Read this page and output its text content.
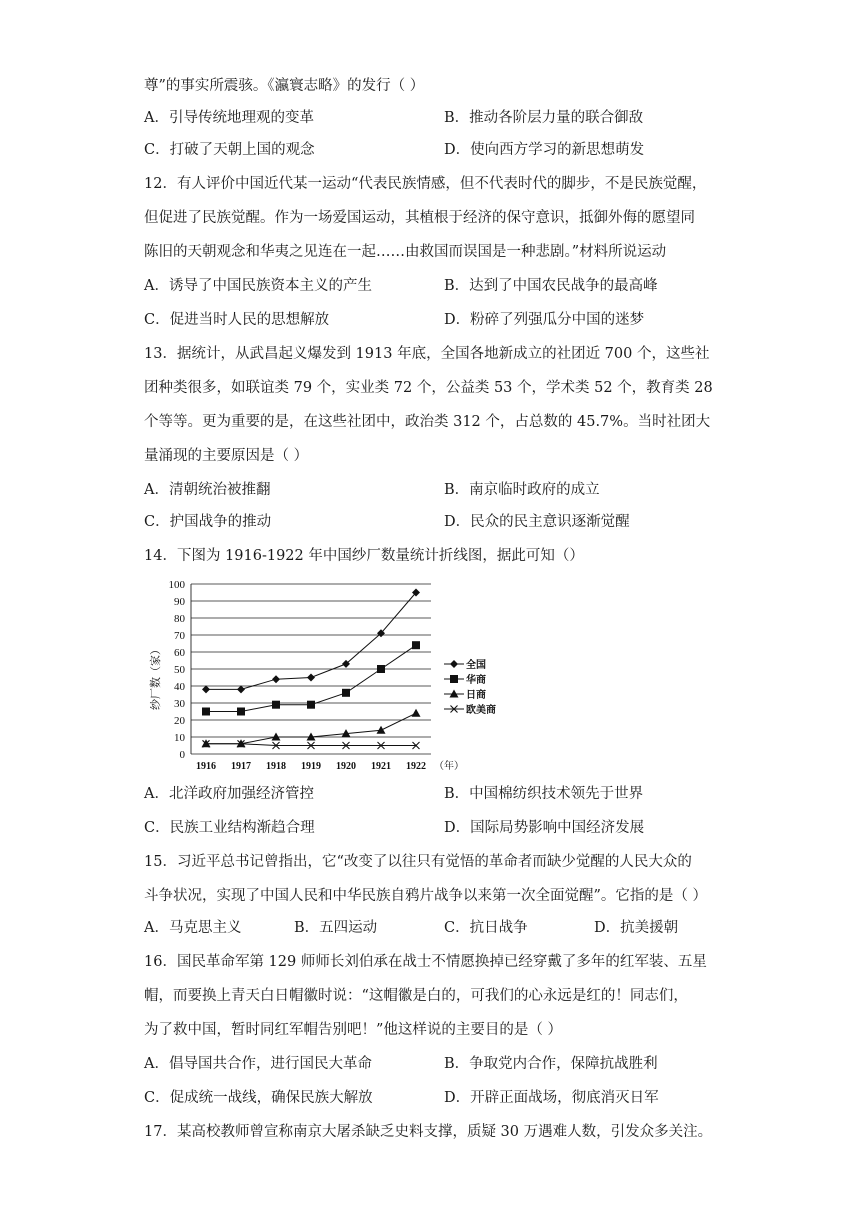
尊”的事实所震骇。《瀛寰志略》的发行（ ）
A．引导传统地理观的变革	B．推动各阶层力量的联合御敌
C．打破了天朝上国的观念	D．使向西方学习的新思想萌发
12．有人评价中国近代某一运动“代表民族情感，但不代表时代的脚步，不是民族觉醒，
但促进了民族觉醒。作为一场爱国运动，其植根于经济的保守意识，抵御外侮的愿望同
陈旧的天朝观念和华夷之见连在一起……由救国而误国是一种悲剧。”材料所说运动
A．诱导了中国民族资本主义的产生	B．达到了中国农民战争的最高峰
C．促进当时人民的思想解放	D．粉碎了列强瓜分中国的迷梦
13．据统计，从武昌起义爆发到 1913 年底，全国各地新成立的社团近 700 个，这些社
团种类很多，如联谊类 79 个，实业类 72 个，公益类 53 个，学术类 52 个，教育类 28
个等等。更为重要的是，在这些社团中，政治类 312 个，占总数的 45.7%。当时社团大
量涌现的主要原因是（ ）
A．清朝统治被推翻	B．南京临时政府的成立
C．护国战争的推动	D．民众的民主意识逐渐觉醒
14．下图为 1916-1922 年中国纱厂数量统计折线图，据此可知（）
0
10
20
30
40
50
60
70
80
90
100
1916 1917 1918 1919 1920 1921 1922 （年）
全国
华商
日商
欧美商
纱厂数（家）
A．北洋政府加强经济管控	B．中国棉纺织技术领先于世界
C．民族工业结构渐趋合理	D．国际局势影响中国经济发展
15．习近平总书记曾指出，它“改变了以往只有觉悟的革命者而缺少觉醒的人民大众的
斗争状况，实现了中国人民和中华民族自鸦片战争以来第一次全面觉醒”。它指的是（ ）
A．马克思主义	B．五四运动	C．抗日战争	D．抗美援朝
16．国民革命军第 129 师师长刘伯承在战士不情愿换掉已经穿戴了多年的红军装、五星
帽，而要换上青天白日帽徽时说：“这帽徽是白的，可我们的心永远是红的！同志们，
为了救中国，暂时同红军帽告别吧！”他这样说的主要目的是（ ）
A．倡导国共合作，进行国民大革命	B．争取党内合作，保障抗战胜利
C．促成统一战线，确保民族大解放	D．开辟正面战场，彻底消灭日军
17．某高校教师曾宣称南京大屠杀缺乏史料支撑，质疑 30 万遇难人数，引发众多关注。
